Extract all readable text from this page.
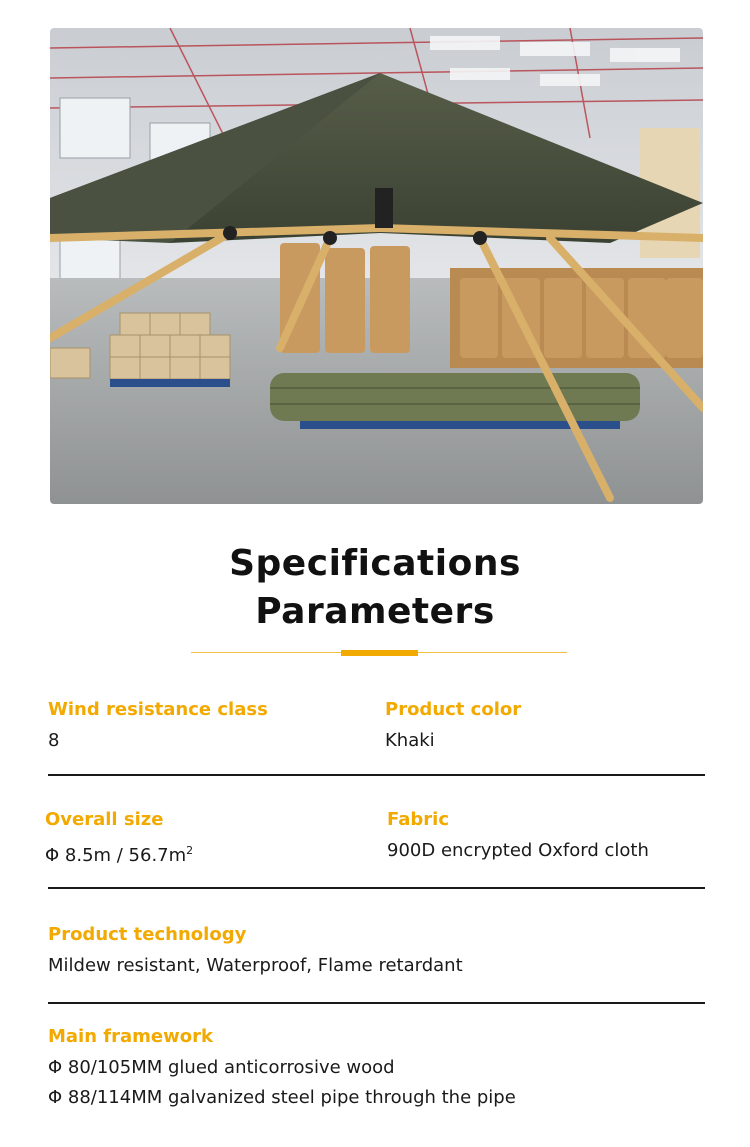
Specifications
Parameters
Wind resistance class
8
Product color
Khaki
Overall size
Φ $8.5m / 56.7m^2$
Fabric
900D encrypted Oxford cloth
Product technology
Mildew resistant, Waterproof, Flame retardant
Main framework
Φ 80/105MM glued anticorrosive wood
Φ 88/114MM galvanized steel pipe through the pipe
